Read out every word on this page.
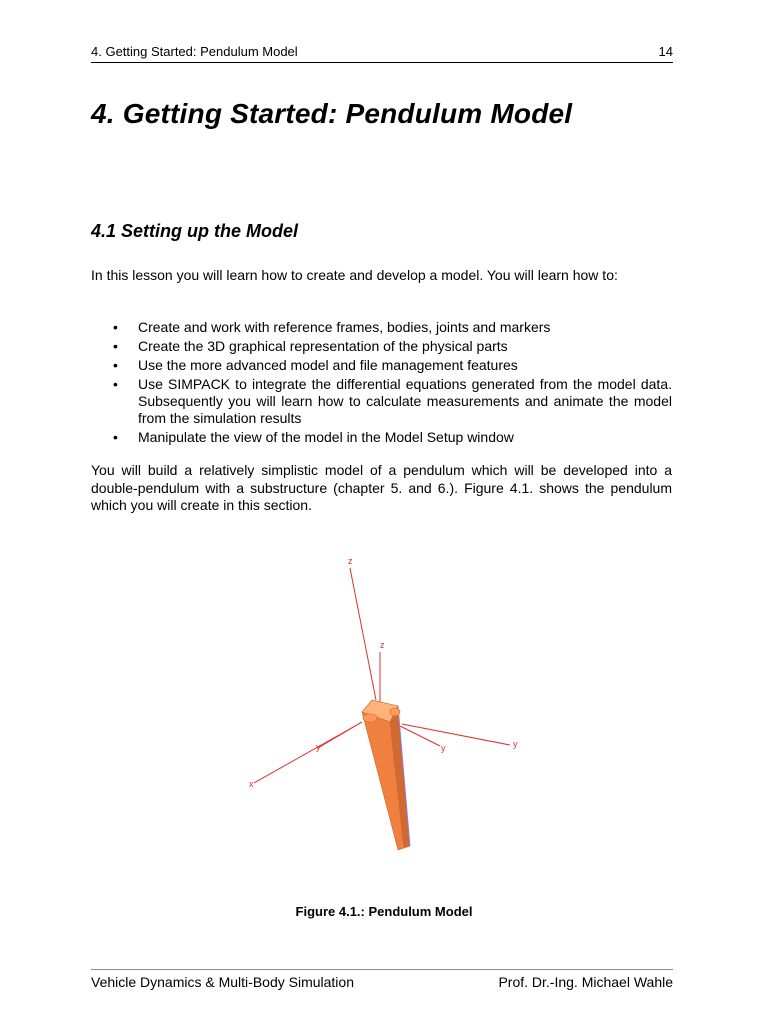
4. Getting Started: Pendulum Model	14
4. Getting Started: Pendulum Model
4.1 Setting up the Model

In this lesson you will learn how to create and develop a model. You will learn how to:

• Create and work with reference frames, bodies, joints and markers
• Create the 3D graphical representation of the physical parts
• Use the more advanced model and file management features
• Use SIMPACK to integrate the differential equations generated from the model data. Subsequently you will learn how to calculate measurements and animate the model from the simulation results
• Manipulate the view of the model in the Model Setup window

You will build a relatively simplistic model of a pendulum which will be developed into a double-pendulum with a substructure (chapter 5. and 6.). Figure 4.1. shows the pendulum which you will create in this section.

z
z
y
x
y
y
Figure 4.1.: Pendulum Model
Vehicle Dynamics & Multi-Body Simulation	Prof. Dr.-Ing. Michael Wahle
